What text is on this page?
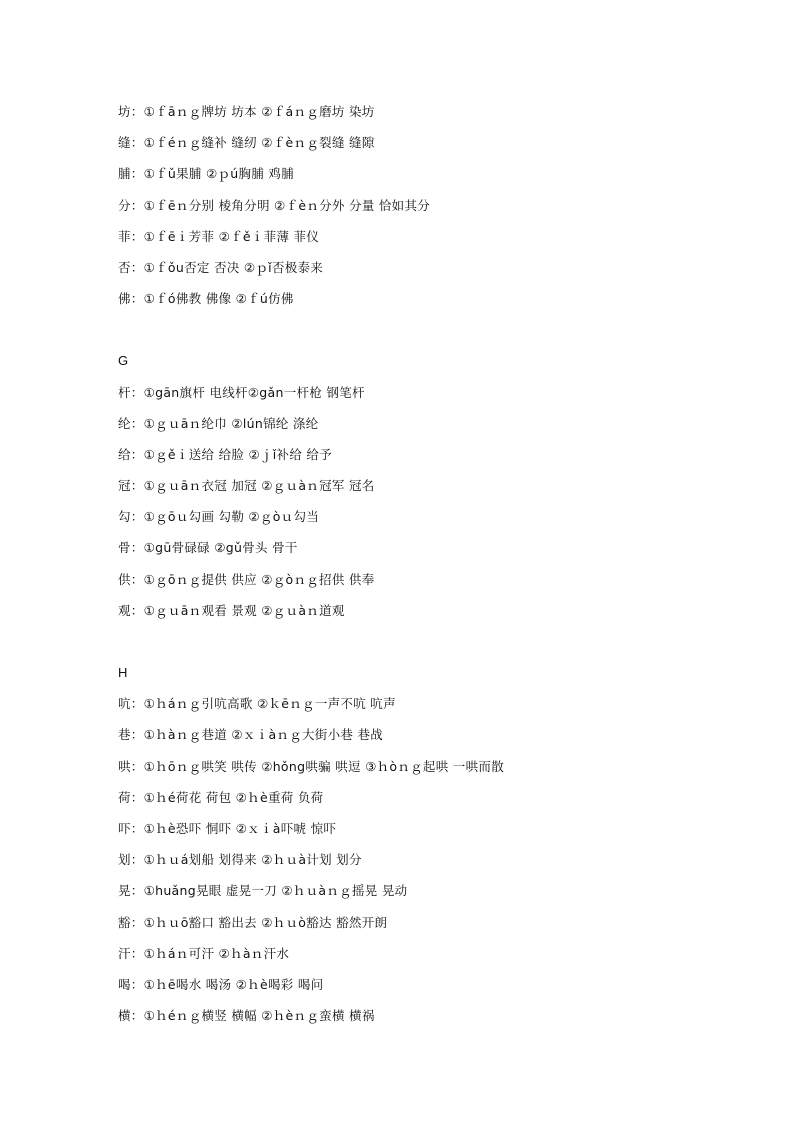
坊：①ｆāｎｇ牌坊 坊本 ②ｆáｎｇ磨坊 染坊
缝：①ｆéｎｇ缝补 缝纫 ②ｆèｎｇ裂缝 缝隙
脯：①ｆǔ果脯 ②ｐú胸脯 鸡脯
分：①ｆēｎ分别 棱角分明 ②ｆèｎ分外 分量 恰如其分
菲：①ｆēｉ芳菲 ②ｆěｉ菲薄 菲仪
否：①ｆǒu否定 否决 ②ｐǐ否极泰来
佛：①ｆó佛教 佛像 ②ｆú仿佛
G
杆：①gān旗杆 电线杆②gǎn一杆枪 钢笔杆
纶：①ｇｕāｎ纶巾 ②lún锦纶 涤纶
给：①ｇěｉ送给 给脸 ②ｊǐ补给 给予
冠：①ｇｕāｎ衣冠 加冠 ②ｇｕàｎ冠军 冠名
勾：①ｇōｕ勾画 勾勒 ②ｇòｕ勾当
骨：①gū骨碌碌 ②gǔ骨头 骨干
供：①ｇōｎｇ提供 供应 ②ｇòｎｇ招供 供奉
观：①ｇｕāｎ观看 景观 ②ｇｕàｎ道观
H
吭：①ｈáｎｇ引吭高歌 ②ｋēｎｇ一声不吭 吭声
巷：①ｈàｎｇ巷道 ②ｘｉàｎｇ大街小巷 巷战
哄：①ｈōｎｇ哄笑 哄传 ②hǒng哄骗 哄逗 ③ｈòｎｇ起哄 一哄而散
荷：①ｈé荷花 荷包 ②ｈè重荷 负荷
吓：①ｈè恐吓 恫吓 ②ｘｉà吓唬 惊吓
划：①ｈｕá划船 划得来 ②ｈｕà计划 划分
晃：①huǎng晃眼 虚晃一刀 ②ｈｕàｎｇ摇晃 晃动
豁：①ｈｕō豁口 豁出去 ②ｈｕò豁达 豁然开朗
汗：①ｈáｎ可汗 ②ｈàｎ汗水
喝：①ｈē喝水 喝汤 ②ｈè喝彩 喝问
横：①ｈéｎｇ横竖 横幅 ②ｈèｎｇ蛮横 横祸
